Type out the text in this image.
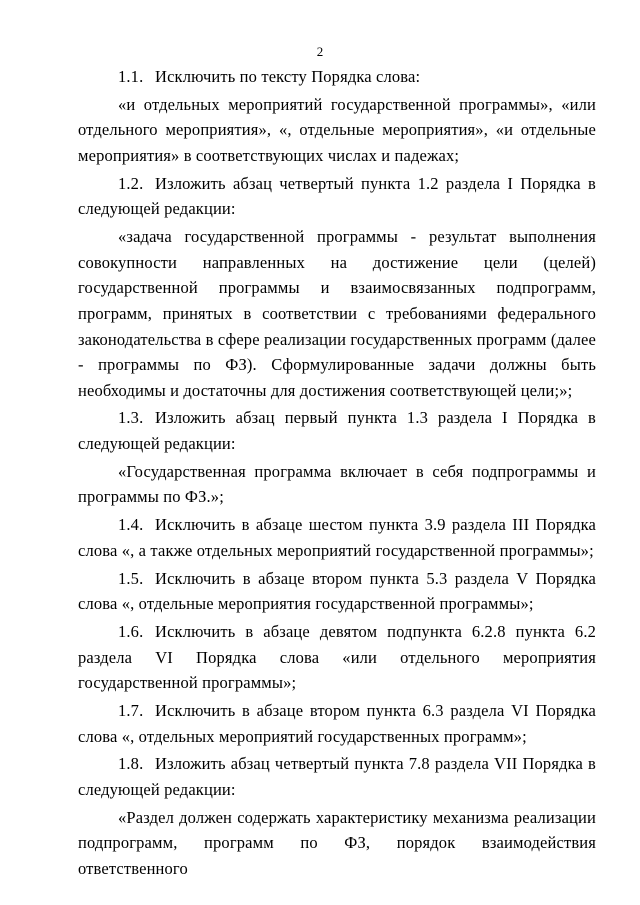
2

1.1. Исключить по тексту Порядка слова:

«и отдельных мероприятий государственной программы», «или отдельного мероприятия», «, отдельные мероприятия», «и отдельные мероприятия» в соответствующих числах и падежах;

1.2. Изложить абзац четвертый пункта 1.2 раздела I Порядка в следующей редакции:

«задача государственной программы - результат выполнения совокупности направленных на достижение цели (целей) государственной программы и взаимосвязанных подпрограмм, программ, принятых в соответствии с требованиями федерального законодательства в сфере реализации государственных программ (далее - программы по ФЗ). Сформулированные задачи должны быть необходимы и достаточны для достижения соответствующей цели;»;

1.3. Изложить абзац первый пункта 1.3 раздела I Порядка в следующей редакции:

«Государственная программа включает в себя подпрограммы и программы по ФЗ.»;

1.4. Исключить в абзаце шестом пункта 3.9 раздела III Порядка слова «, а также отдельных мероприятий государственной программы»;

1.5. Исключить в абзаце втором пункта 5.3 раздела V Порядка слова «, отдельные мероприятия государственной программы»;

1.6. Исключить в абзаце девятом подпункта 6.2.8 пункта 6.2 раздела VI Порядка слова «или отдельного мероприятия государственной программы»;

1.7. Исключить в абзаце втором пункта 6.3 раздела VI Порядка слова «, отдельных мероприятий государственных программ»;

1.8. Изложить абзац четвертый пункта 7.8 раздела VII Порядка в следующей редакции:

«Раздел должен содержать характеристику механизма реализации подпрограмм, программ по ФЗ, порядок взаимодействия ответственного
